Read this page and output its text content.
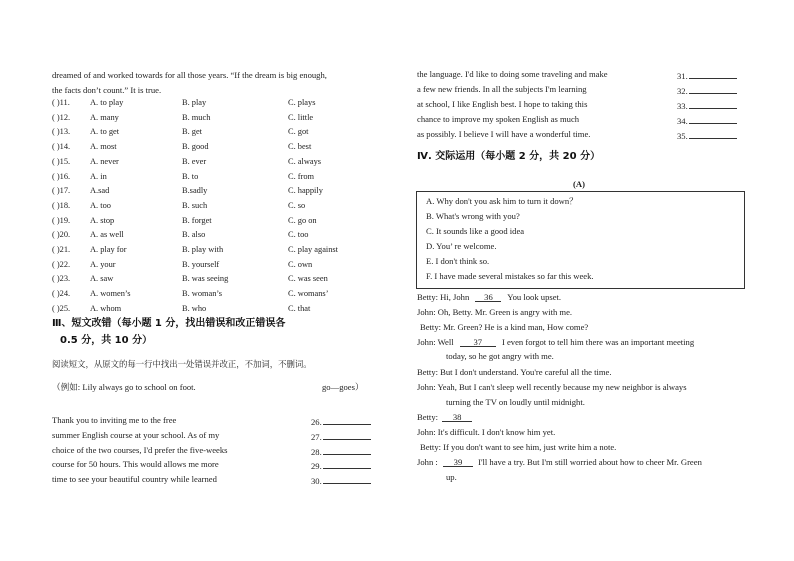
dreamed of and worked towards for all those years. “If the dream is big enough,
the facts don’t count.” It is true.
( )11. A. to play	B. play	C. plays
( )12. A. many	B. much	C. little
( )13. A. to get	B. get	C. got
( )14. A. most	B. good	C. best
( )15. A. never	B. ever	C. always
( )16. A. in	B. to	C. from
( )17. A.sad	B.sadly	C. happily
( )18. A. too	B. such	C. so
( )19. A. stop	B. forget	C. go on
( )20. A. as well	B. also	C. too
( )21. A. play for	B. play with	C. play against
( )22. A. your	B. yourself	C. own
( )23. A. saw	B. was seeing	C. was seen
( )24. A. women’s	B. woman’s	C. womans’
( )25. A. whom	B. who	C. that
Ⅲ、短文改错（每小题 1 分，找出错误和改正错误各
0.5 分，共 10 分）
阅读短文，从原文的每一行中找出一处错误并改正，不加词，不删词。
（例如: Lily always go to school on foot.	go—goes）
Thank you to inviting me to the free	26.
summer English course at your school. As of my	27.
choice of the two courses, I'd prefer the five-weeks	28.
course for 50 hours. This would allows me more	29.
time to see your beautiful country while learned	30.
the language. I'd like to doing some traveling and make	31.
a few new friends. In all the subjects I'm learning	32.
at school, I like English best. I hope to taking this	33.
chance to improve my spoken English as much	34.
as possibly. I believe I will have a wonderful time.	35.
Ⅳ. 交际运用（每小题 2 分，共 20 分）
(A)
A. Why don't you ask him to turn it down？
B. What's wrong with you?
C. It sounds like a good idea
D. You’ re welcome.
E. I don't think so.
F. I have made several mistakes so far this week.
Betty: Hi, John 36 You look upset.
John: Oh, Betty. Mr. Green is angry with me.
Betty: Mr. Green? He is a kind man, How come?
John: Well 37 I even forgot to tell him there was an important meeting
today, so he got angry with me.
Betty: But I don't understand. You're careful all the time.
John: Yeah, But I can't sleep well recently because my new neighbor is always
turning the TV on loudly until midnight.
Betty: 38
John: It's difficult. I don't know him yet.
Betty: If you don't want to see him, just write him a note.
John : 39 I'll have a try. But I'm still worried about how to cheer Mr. Green
up.
